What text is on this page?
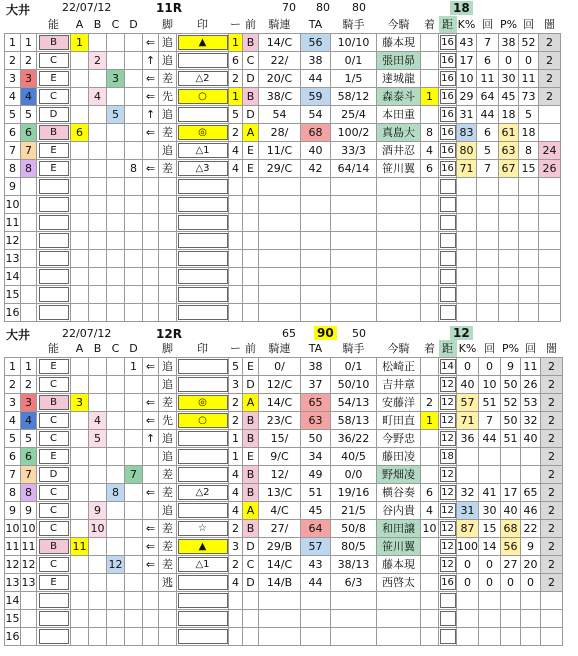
大井	22/07/12	11R	70 80 80	18
		能	A	B	C	D		脚	印	ー	前	騎連	TA	騎手	今騎	着	距	K%	回	P%	回	闇
1	1	B	1				⇐	追	▲	1	B	14/C	56	10/10	藤本現		16	43	7	38	52	2
2	2	C		2			↑	追		6	C	22/	38	0/1	張田昴		16	17	6	0	0	2
3	3	E			3		⇐	差	△2	2	D	20/C	44	1/5	達城龍		16	10	11	30	11	2
4	4	C		4			⇐	先	○	1	B	38/C	59	58/12	森泰斗	1	16	29	64	45	73	2
5	5	D			5		↑	追		5	D	54	54	25/4	本田重		16	31	44	18	5	
6	6	B	6				⇐	差	◎	2	A	28/	68	100/2	真島大	8	16	83	6	61	18	
7	7	E						追	△1	4	E	11/C	40	33/3	酒井忍	4	16	80	5	63	8	24
8	8	E				8	⇐	差	△3	4	E	29/C	42	64/14	笹川翼	6	16	71	7	67	15	26
9																						
10																						
11																						
12																						
13																						
14																						
15																						
16																						
大井	22/07/12	12R	65 90 50	12
		能	A	B	C	D		脚	印	ー	前	騎連	TA	騎手	今騎	着	距	K%	回	P%	回	闇
1	1	E				1	⇐	追		5	E	0/	38	0/1	松崎正		14	0	0	9	11	2
2	2	C						追		3	D	12/C	37	50/10	吉井章		12	40	10	50	26	2
3	3	B	3				⇐	差	◎	2	A	14/C	65	54/13	安藤洋	2	12	57	51	52	53	2
4	4	C		4			⇐	先	○	2	B	23/C	63	58/13	町田直	1	12	71	7	50	32	2
5	5	C		5			↑	追		1	B	15/	50	36/22	今野忠		12	36	44	51	40	2
6	6	E						追		1	E	9/C	34	40/5	藤田凌		18					2
7	7	D				7		差		4	B	12/	49	0/0	野畑凌		12					2
8	8	C			8		⇐	差	△2	4	B	13/C	51	19/16	横谷奏	6	12	32	41	17	65	2
9	9	C		9				追		4	A	4/C	45	21/5	谷内貴	4	12	31	30	40	46	2
10	10	C		10			⇐	差	☆	2	B	27/	64	50/8	和田譲	10	12	87	15	68	22	2
11	11	B	11				⇐	差	▲	3	D	29/B	57	80/5	笹川翼		12	100	14	56	9	2
12	12	C			12		⇐	差	△1	2	C	14/C	43	38/13	藤本現		12	0	0	27	20	2
13	13	E						逃		4	D	14/B	44	6/3	西啓太		16	0	0	0	0	2
14																						
15																						
16																						
